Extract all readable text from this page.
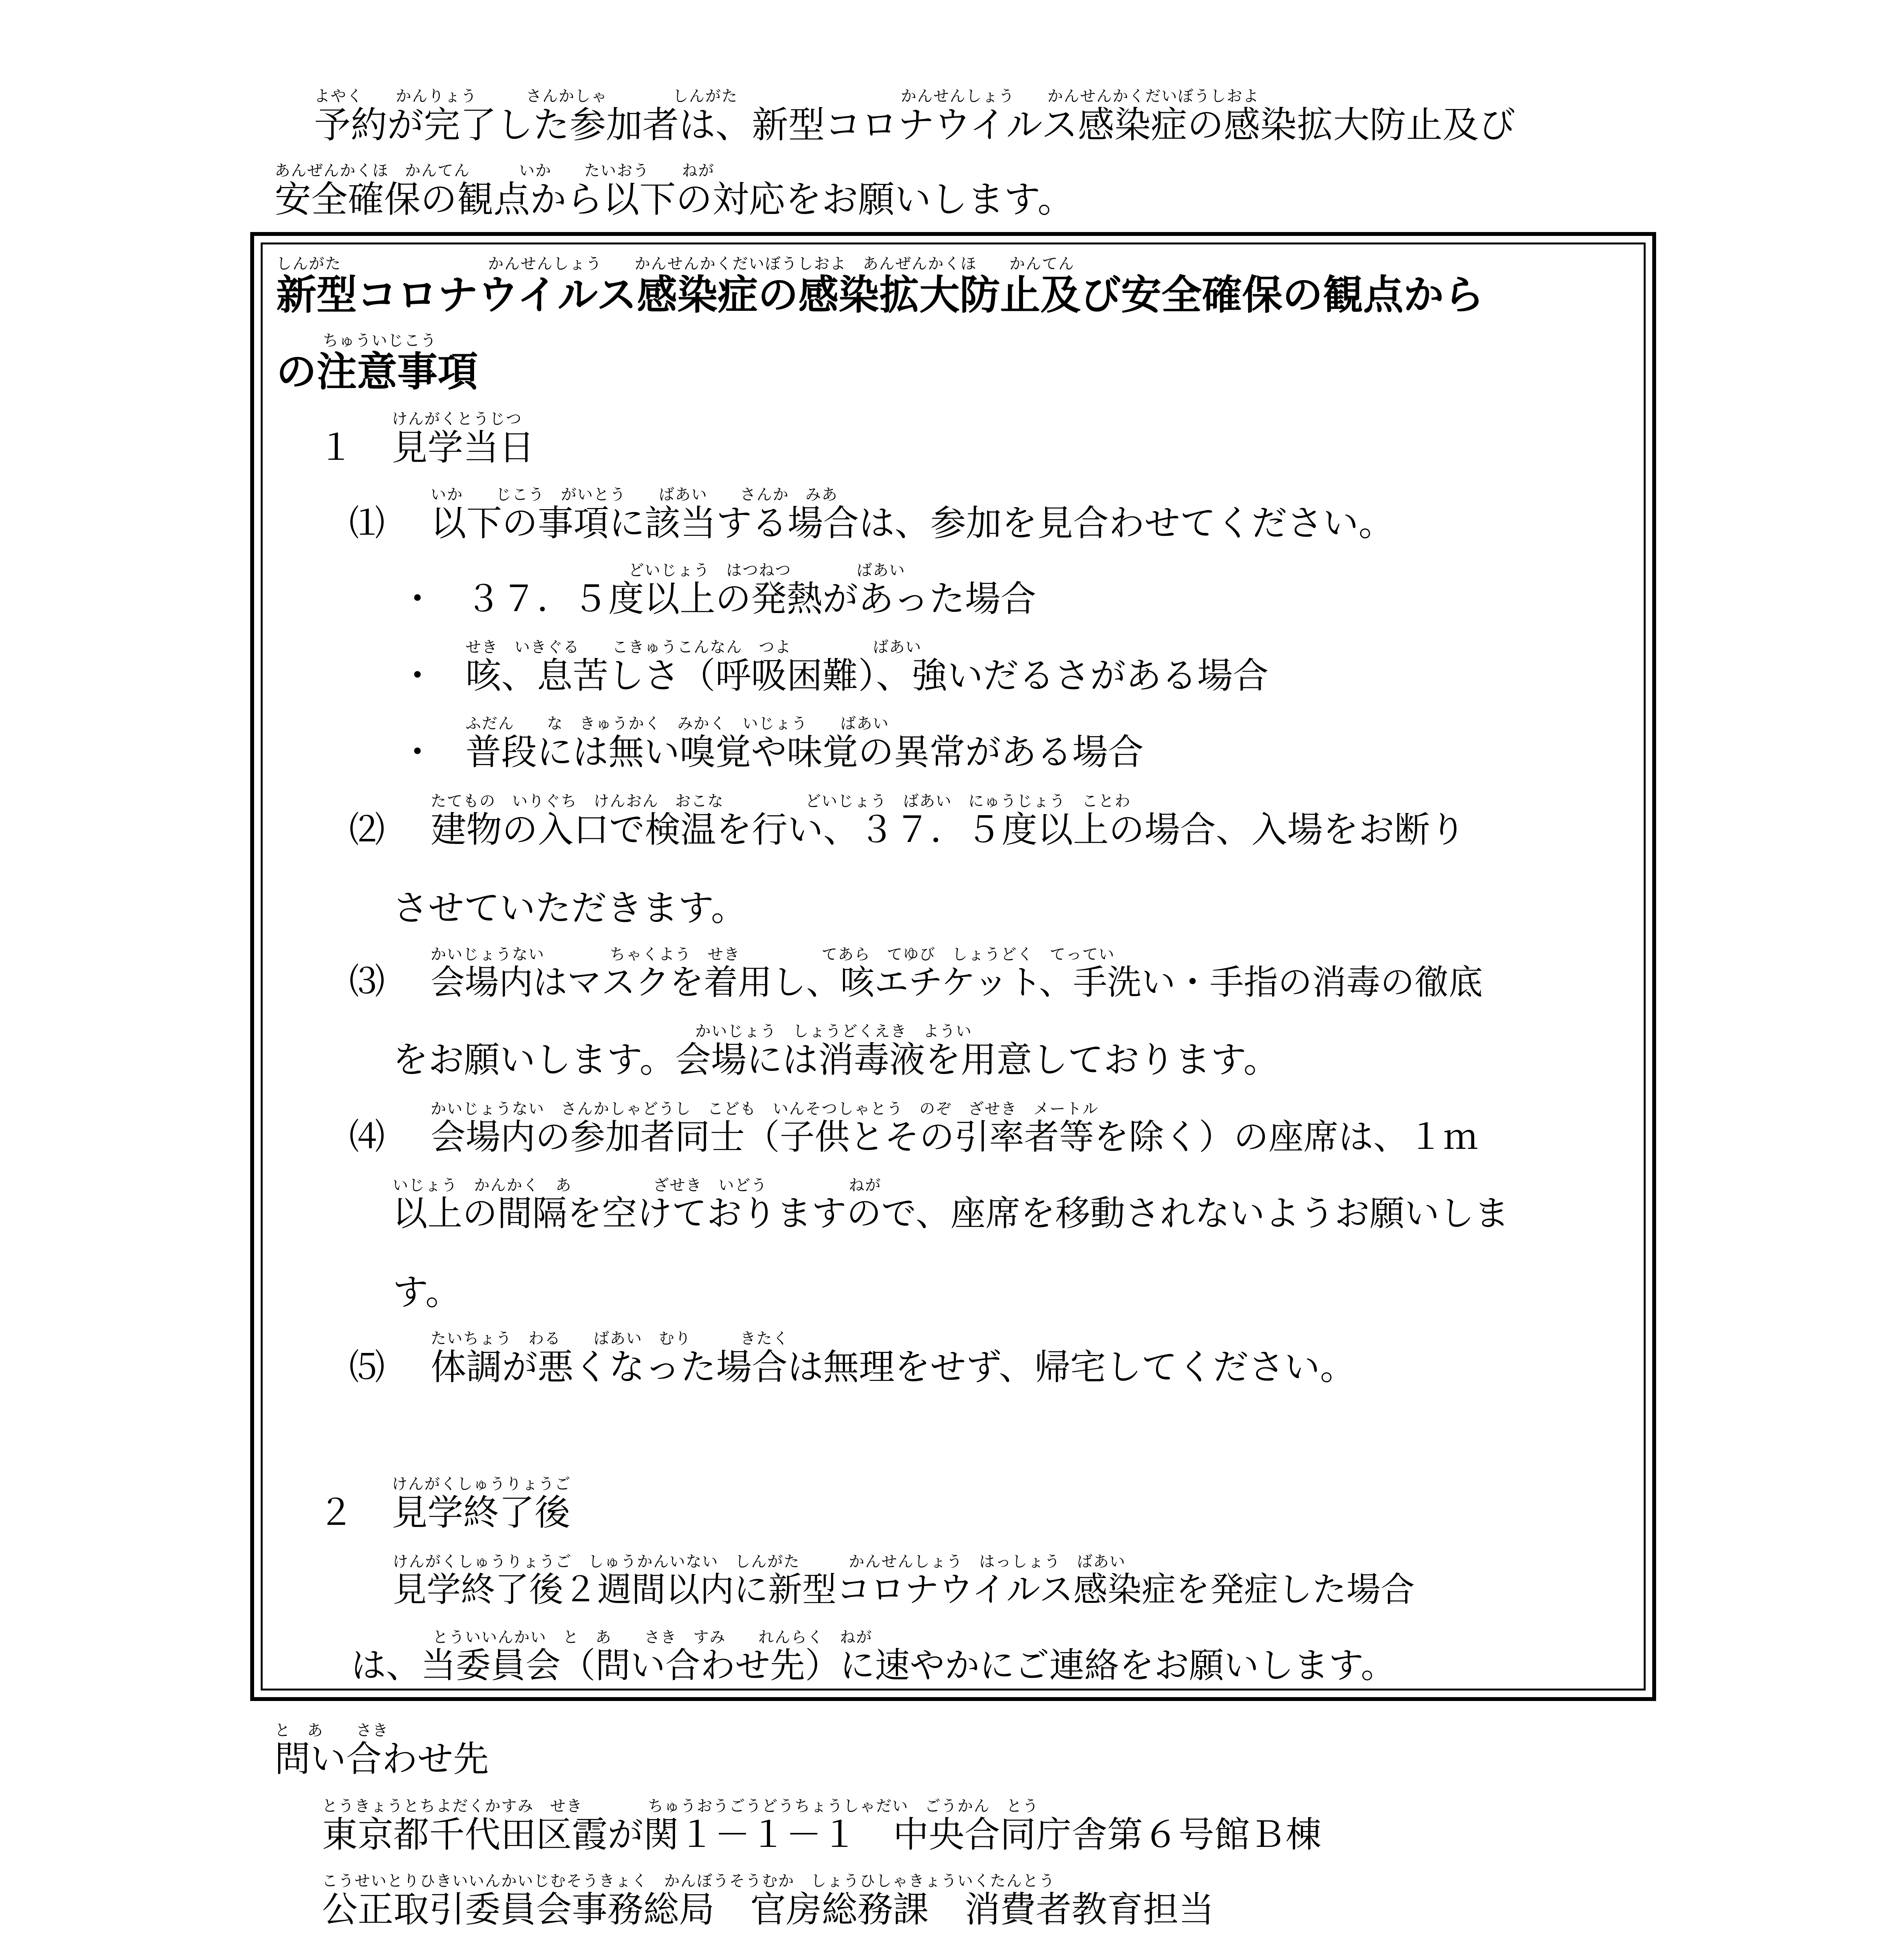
よやく　　かんりょう　　　さんかしゃ　　　　しんがた　　　　　　　　　　かんせんしょう　　かんせんかくだいぼうしおよ
予約が完了した参加者は、新型コロナウイルス感染症の感染拡大防止及び
あんぜんかくほ　かんてん　　　いか　　たいおう　　ねが
安全確保の観点から以下の対応をお願いします。
しんがた　　　　　　　　　かんせんしょう　　かんせんかくだいぼうしおよ　あんぜんかくほ　　かんてん
新型コロナウイルス感染症の感染拡大防止及び安全確保の観点から
ちゅういじこう
の注意事項
１
けんがくとうじつ
見学当日
⑴
いか　　じこう　がいとう　　ばあい　　さんか　みあ
以下の事項に該当する場合は、参加を見合わせてください。
・
どいじょう　はつねつ　　　　ばあい
３７．５度以上の発熱があった場合
・
せき　いきぐる　　こきゅうこんなん　つよ　　　　　ばあい
咳、息苦しさ（呼吸困難）、強いだるさがある場合
・
ふだん　　な　きゅうかく　みかく　いじょう　　ばあい
普段には無い嗅覚や味覚の異常がある場合
⑵
たてもの　いりぐち　けんおん　おこな　　　　　どいじょう　ばあい　にゅうじょう　ことわ
建物の入口で検温を行い、３７．５度以上の場合、入場をお断り
させていただきます。
⑶
かいじょうない　　　　ちゃくよう　せき　　　　　てあら　てゆび　しょうどく　てってい
会場内はマスクを着用し、咳エチケット、手洗い・手指の消毒の徹底
かいじょう　しょうどくえき　ようい
をお願いします。会場には消毒液を用意しております。
⑷
かいじょうない　さんかしゃどうし　こども　いんそつしゃとう　のぞ　ざせき　メートル
会場内の参加者同士（子供とその引率者等を除く）の座席は、１ｍ
いじょう　かんかく　あ　　　　　ざせき　いどう　　　　　ねが
以上の間隔を空けておりますので、座席を移動されないようお願いしま
す。
⑸
たいちょう　わる　　ばあい　むり　　　きたく
体調が悪くなった場合は無理をせず、帰宅してください。
２
けんがくしゅうりょうご
見学終了後
けんがくしゅうりょうご　しゅうかんいない　しんがた　　　かんせんしょう　はっしょう　ばあい
見学終了後２週間以内に新型コロナウイルス感染症を発症した場合
とういいんかい　と　あ　　さき　すみ　　れんらく　ねが
は、当委員会（問い合わせ先）に速やかにご連絡をお願いします。
と　あ　　さき
問い合わせ先
とうきょうとちよだくかすみ　せき　　　　ちゅうおうごうどうちょうしゃだい　ごうかん　とう
東京都千代田区霞が関１－１－１　中央合同庁舎第６号館Ｂ棟
こうせいとりひきいいんかいじむそうきょく　かんぼうそうむか　しょうひしゃきょういくたんとう
公正取引委員会事務総局　官房総務課　消費者教育担当
